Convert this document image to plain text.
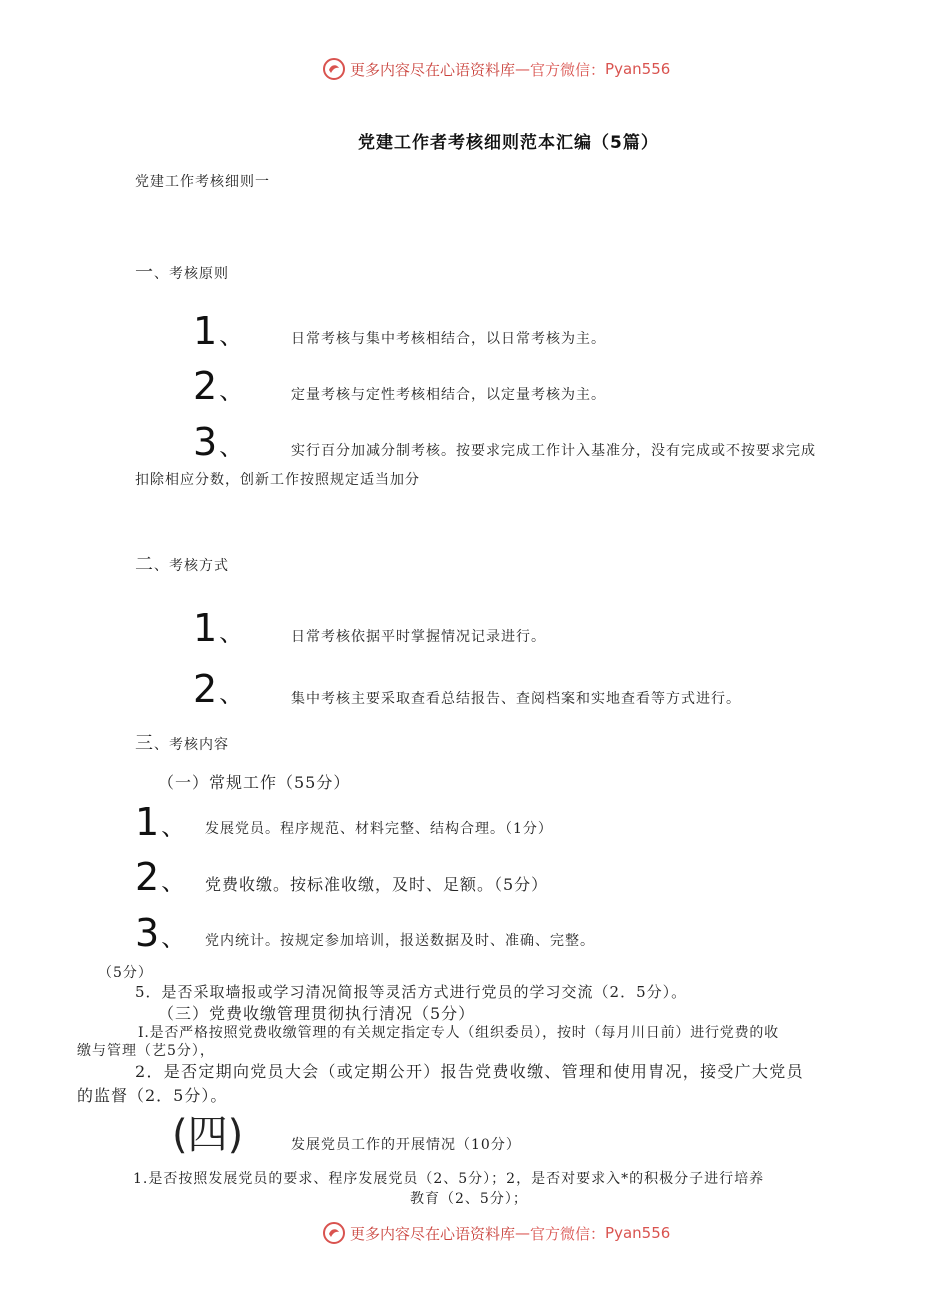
更多内容尽在心语资料库 — 官方微信： Pyan556
党建工作者考核细则范本汇编（5篇）
党建工作考核细则一
一、考核原则
1、	日常考核与集中考核相结合，以日常考核为主。
2、	定量考核与定性考核相结合，以定量考核为主。
3、	实行百分加减分制考核。按要求完成工作计入基准分，没有完成或不按要求完成
扣除相应分数，创新工作按照规定适当加分
二、考核方式
1、	日常考核依据平时掌握情况记录进行。
2、	集中考核主要采取查看总结报告、查阅档案和实地查看等方式进行。
三、考核内容
（一）常规工作（55分）
1、 发展党员。程序规范、材料完整、结构合理。（1分）
2、 党费收缴。按标准收缴，及时、足额。（5分）
3、 党内统计。按规定参加培训，报送数据及时、准确、完整。
（5分）
5．是否采取墙报或学习清况简报等灵活方式进行党员的学习交流（2．5分）。
（三）党费收缴管理贯彻执行清况（5分）
I.是否严格按照党费收缴管理的有关规定指定专人（组织委员），按时（每月川日前）进行党费的收
缴与管理（艺5分），
2．是否定期向党员大会（或定期公开）报告党费收缴、管理和使用胄况，接受广大党员
的监督（2．5分）。
(四)	发展党员工作的开展情况（10分）
1.是否按照发展党员的要求、程序发展党员（2、5分）；2，是否对要求入*的积极分子进行培养
教育（2、5分）；
更多内容尽在心语资料库 — 官方微信： Pyan556
